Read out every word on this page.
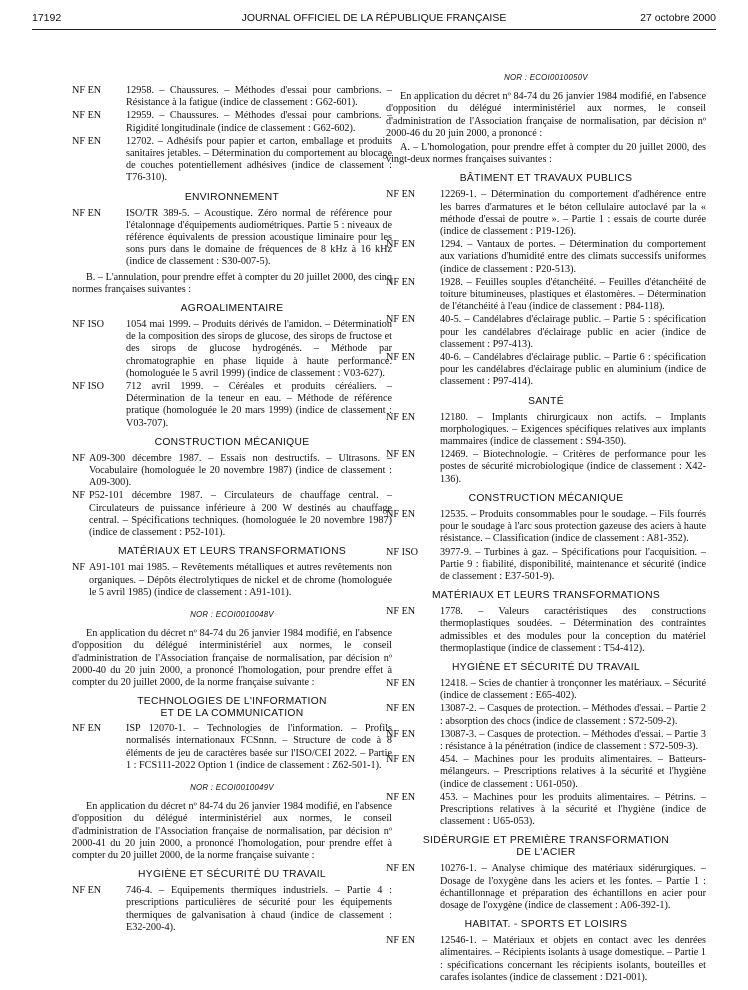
17192	JOURNAL OFFICIEL DE LA RÉPUBLIQUE FRANÇAISE	27 octobre 2000
NF EN	12958. – Chaussures. – Méthodes d'essai pour cambrions. – Résistance à la fatigue (indice de classement : G62-601).
NF EN	12959. – Chaussures. – Méthodes d'essai pour cambrions. – Rigidité longitudinale (indice de classement : G62-602).
NF EN	12702. – Adhésifs pour papier et carton, emballage et produits sanitaires jetables. – Détermination du comportement au blocage de couches potentiellement adhésives (indice de classement : T76-310).
ENVIRONNEMENT
NF EN	ISO/TR 389-5. – Acoustique. Zéro normal de référence pour l'étalonnage d'équipements audiométriques. Partie 5 : niveaux de référence équivalents de pression acoustique liminaire pour les sons purs dans le domaine de fréquences de 8 kHz à 16 kHz (indice de classement : S30-007-5).

B. – L'annulation, pour prendre effet à compter du 20 juillet 2000, des cinq normes françaises suivantes :

AGROALIMENTAIRE
NF ISO	1054 mai 1999. – Produits dérivés de l'amidon. – Détermination de la composition des sirops de glucose, des sirops de fructose et des sirops de glucose hydrogénés. – Méthode par chromatographie en phase liquide à haute performance. (homologuée le 5 avril 1999) (indice de classement : V03-627).
NF ISO	712 avril 1999. – Céréales et produits céréaliers. – Détermination de la teneur en eau. – Méthode de référence pratique (homologuée le 20 mars 1999) (indice de classement : V03-707).
CONSTRUCTION MÉCANIQUE
NF A09-300 décembre 1987. – Essais non destructifs. – Ultrasons. – Vocabulaire (homologuée le 20 novembre 1987) (indice de classement : A09-300).
NF P52-101 décembre 1987. – Circulateurs de chauffage central. – Circulateurs de puissance inférieure à 200 W destinés au chauffage central. – Spécifications techniques. (homologuée le 20 novembre 1987) (indice de classement : P52-101).
MATÉRIAUX ET LEURS TRANSFORMATIONS
NF A91-101 mai 1985. – Revêtements métalliques et autres revêtements non organiques. – Dépôts électrolytiques de nickel et de chrome (homologuée le 5 avril 1985) (indice de classement : A91-101).
NOR : ECOI0010048V

En application du décret nº 84-74 du 26 janvier 1984 modifié, en l'absence d'opposition du délégué interministériel aux normes, le conseil d'administration de l'Association française de normalisation, par décision nº 2000-40 du 20 juin 2000, a prononcé l'homologation, pour prendre effet à compter du 20 juillet 2000, de la norme française suivante :

TECHNOLOGIES DE L'INFORMATION
ET DE LA COMMUNICATION
NF EN	ISP 12070-1. – Technologies de l'information. – Profils normalisés internationaux FCSnnn. – Structure de code à 8 éléments de jeu de caractères basée sur l'ISO/CEI 2022. – Partie 1 : FCS111-2022 Option 1 (indice de classement : Z62-501-1).
NOR : ECOI0010049V

En application du décret nº 84-74 du 26 janvier 1984 modifié, en l'absence d'opposition du délégué interministériel aux normes, le conseil d'administration de l'Association française de normalisation, par décision nº 2000-41 du 20 juin 2000, a prononcé l'homologation, pour prendre effet à compter du 20 juillet 2000, de la norme française suivante :

HYGIÈNE ET SÉCURITÉ DU TRAVAIL
NF EN	746-4. – Equipements thermiques industriels. – Partie 4 : prescriptions particulières de sécurité pour les équipements thermiques de galvanisation à chaud (indice de classement : E32-200-4).
NOR : ECOI0010050V

En application du décret nº 84-74 du 26 janvier 1984 modifié, en l'absence d'opposition du délégué interministériel aux normes, le conseil d'administration de l'Association française de normalisation, par décision nº 2000-46 du 20 juin 2000, a prononcé :

A. – L'homologation, pour prendre effet à compter du 20 juillet 2000, des vingt-deux normes françaises suivantes :

BÂTIMENT ET TRAVAUX PUBLICS
NF EN	12269-1. – Détermination du comportement d'adhérence entre les barres d'armatures et le béton cellulaire autoclavé par la « méthode d'essai de poutre ». – Partie 1 : essais de courte durée (indice de classement : P19-126).
NF EN	1294. – Vantaux de portes. – Détermination du comportement aux variations d'humidité entre des climats successifs uniformes (indice de classement : P20-513).
NF EN	1928. – Feuilles souples d'étanchéité. – Feuilles d'étanchéité de toiture bitumineuses, plastiques et élastomères. – Détermination de l'étanchéité à l'eau (indice de classement : P84-118).
NF EN	40-5. – Candélabres d'éclairage public. – Partie 5 : spécification pour les candélabres d'éclairage public en acier (indice de classement : P97-413).
NF EN	40-6. – Candélabres d'éclairage public. – Partie 6 : spécification pour les candélabres d'éclairage public en aluminium (indice de classement : P97-414).
SANTÉ
NF EN	12180. – Implants chirurgicaux non actifs. – Implants morphologiques. – Exigences spécifiques relatives aux implants mammaires (indice de classement : S94-350).
NF EN	12469. – Biotechnologie. – Critères de performance pour les postes de sécurité microbiologique (indice de classement : X42-136).
CONSTRUCTION MÉCANIQUE
NF EN	12535. – Produits consommables pour le soudage. – Fils fourrés pour le soudage à l'arc sous protection gazeuse des aciers à haute résistance. – Classification (indice de classement : A81-352).
NF ISO	3977-9. – Turbines à gaz. – Spécifications pour l'acquisition. – Partie 9 : fiabilité, disponibilité, maintenance et sécurité (indice de classement : E37-501-9).
MATÉRIAUX ET LEURS TRANSFORMATIONS
NF EN	1778. – Valeurs caractéristiques des constructions thermoplastiques soudées. – Détermination des contraintes admissibles et des modules pour la conception du matériel thermoplastique (indice de classement : T54-412).
HYGIÈNE ET SÉCURITÉ DU TRAVAIL
NF EN	12418. – Scies de chantier à tronçonner les matériaux. – Sécurité (indice de classement : E65-402).
NF EN	13087-2. – Casques de protection. – Méthodes d'essai. – Partie 2 : absorption des chocs (indice de classement : S72-509-2).
NF EN	13087-3. – Casques de protection. – Méthodes d'essai. – Partie 3 : résistance à la pénétration (indice de classement : S72-509-3).
NF EN	454. – Machines pour les produits alimentaires. – Batteurs-mélangeurs. – Prescriptions relatives à la sécurité et l'hygiène (indice de classement : U61-050).
NF EN	453. – Machines pour les produits alimentaires. – Pétrins. – Prescriptions relatives à la sécurité et l'hygiène (indice de classement : U65-053).
SIDÉRURGIE ET PREMIÈRE TRANSFORMATION
DE L'ACIER
NF EN	10276-1. – Analyse chimique des matériaux sidérurgiques. – Dosage de l'oxygène dans les aciers et les fontes. – Partie 1 : échantillonnage et préparation des échantillons en acier pour dosage de l'oxygène (indice de classement : A06-392-1).
HABITAT. - SPORTS ET LOISIRS
NF EN	12546-1. – Matériaux et objets en contact avec les denrées alimentaires. – Récipients isolants à usage domestique. – Partie 1 : spécifications concernant les récipients isolants, bouteilles et carafes isolantes (indice de classement : D21-001).
